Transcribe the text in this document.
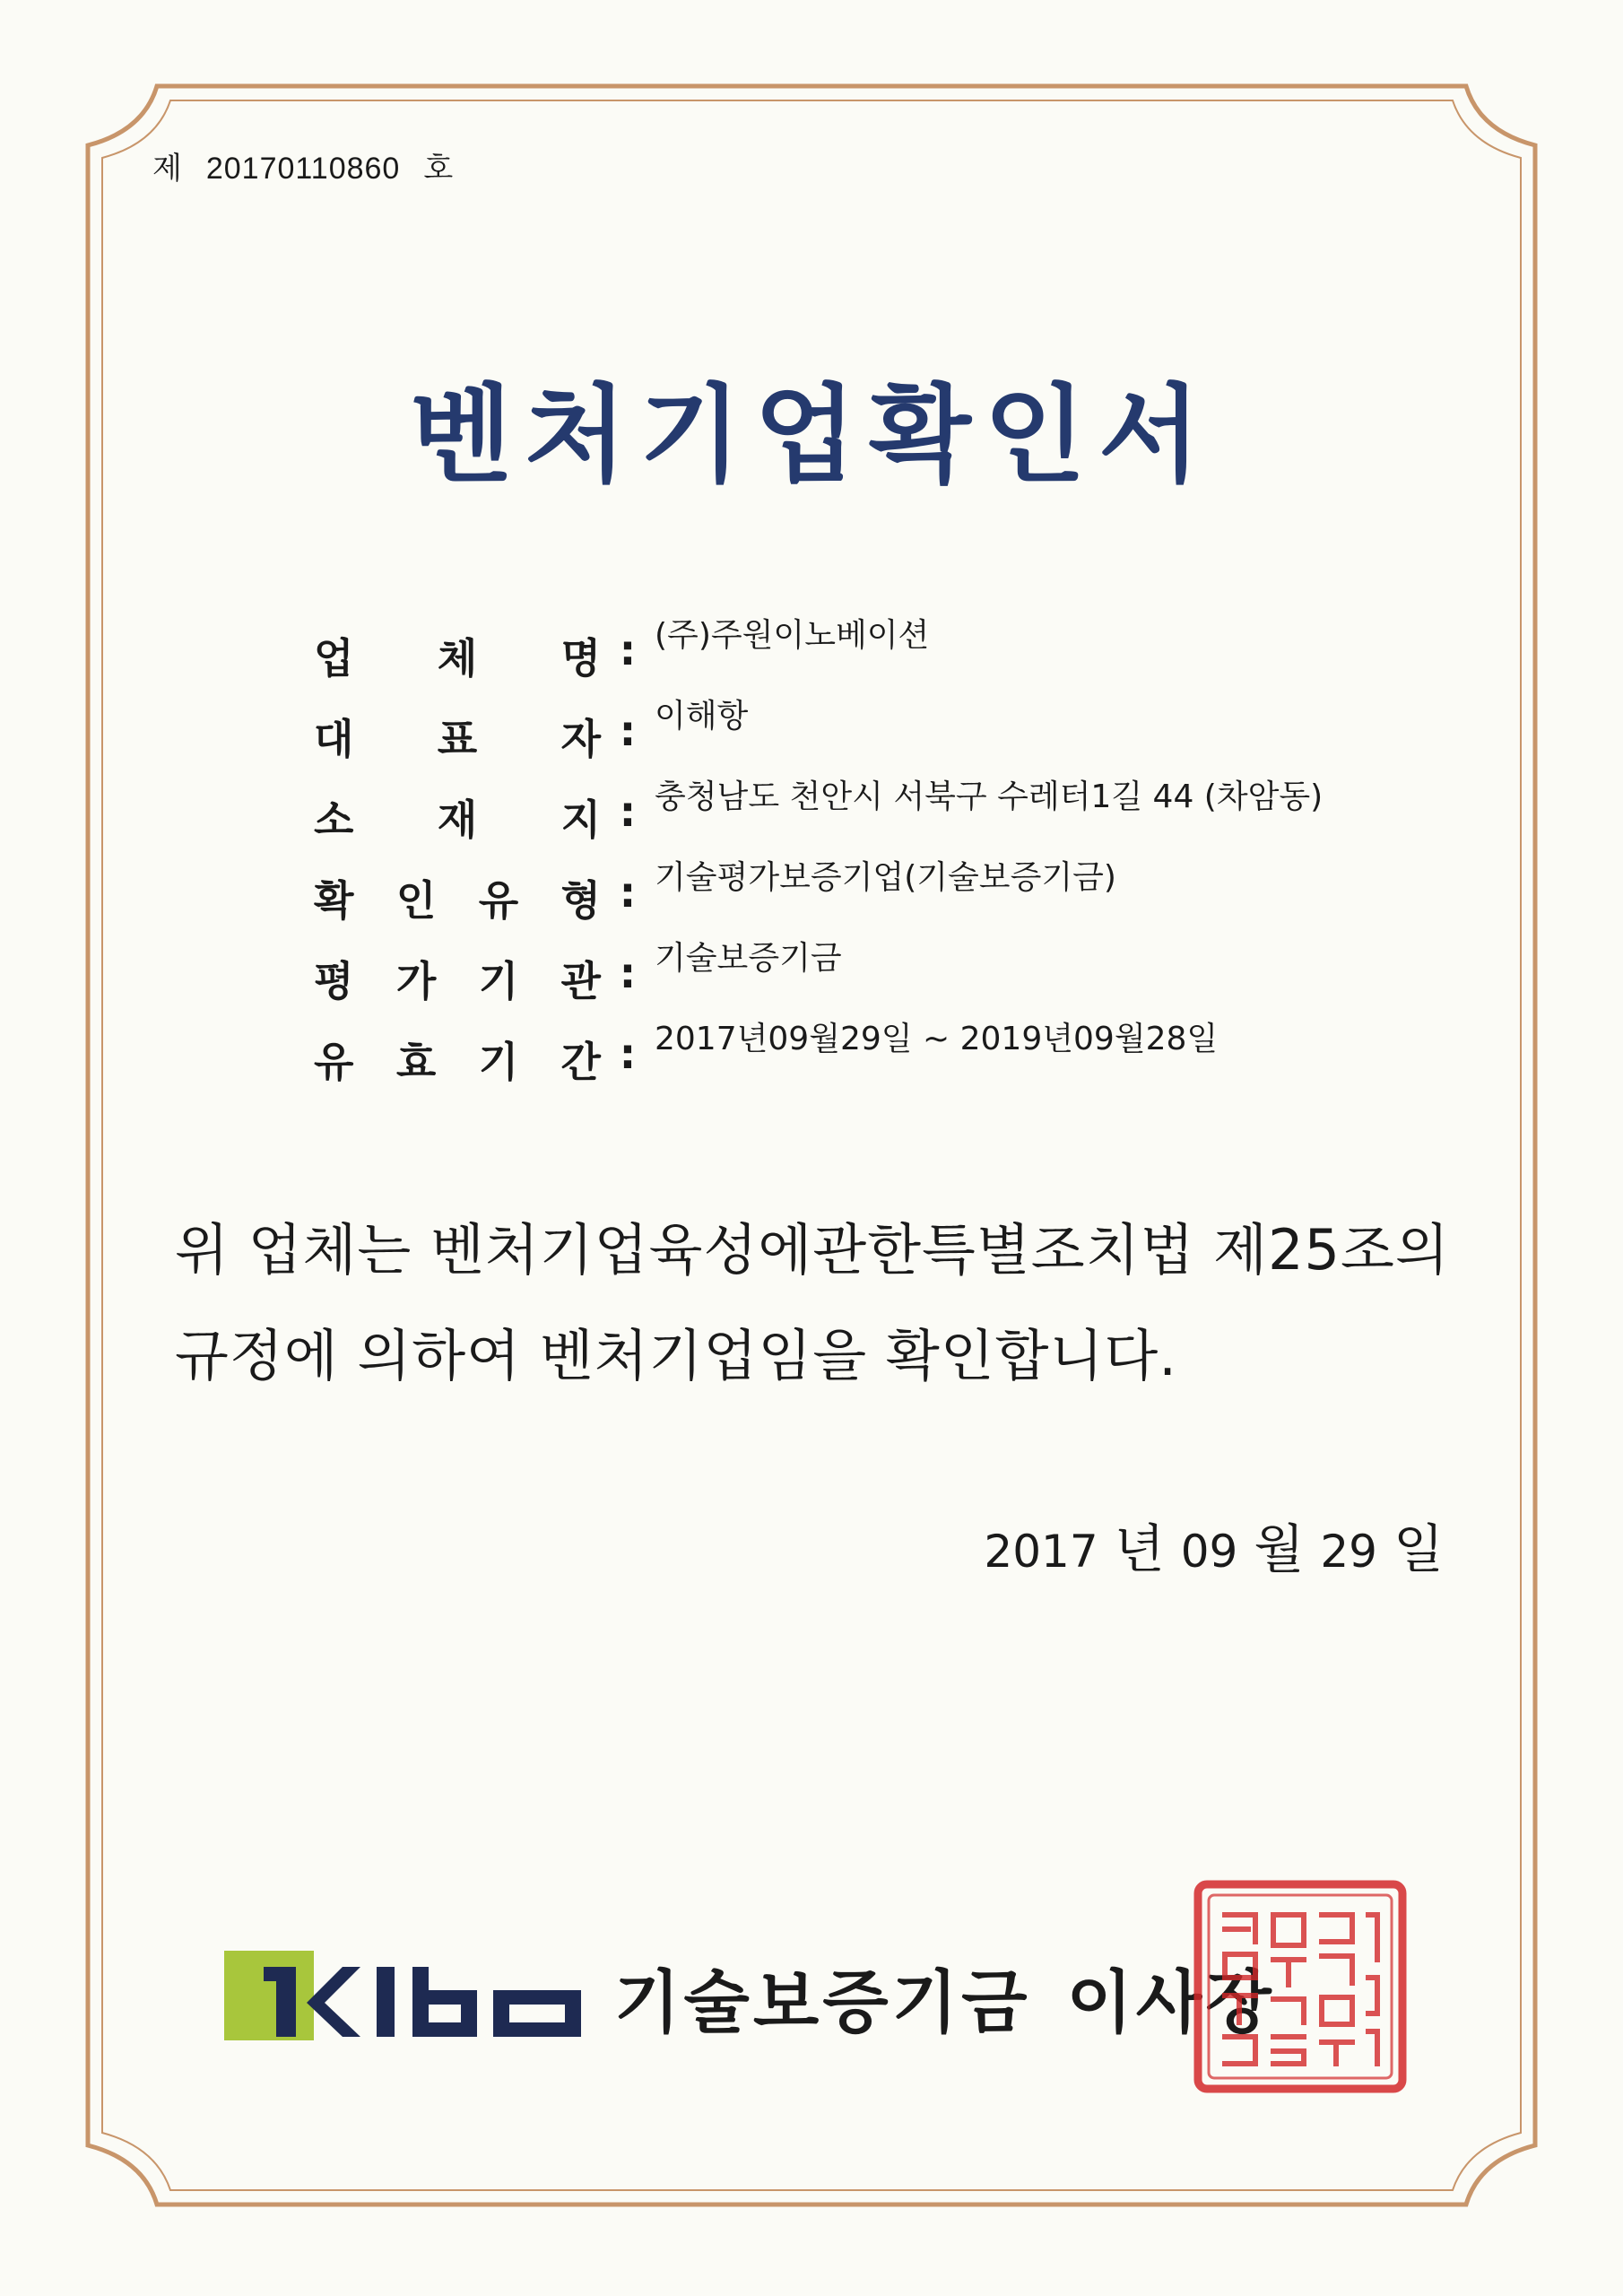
제 20170110860 호
벤처기업확인서
업 체 명 : (주)주원이노베이션
대 표 자 : 이해항
소 재 지 : 충청남도 천안시 서북구 수레터1길 44 (차암동)
확 인 유 형 : 기술평가보증기업(기술보증기금)
평 가 기 관 : 기술보증기금
유 효 기 간 : 2017년09월29일 ~ 2019년09월28일

위 업체는 벤처기업육성에관한특별조치법 제25조의

규정에 의하여 벤처기업임을 확인합니다.

2017 년 09 월 29 일
기술보증기금 이사장
